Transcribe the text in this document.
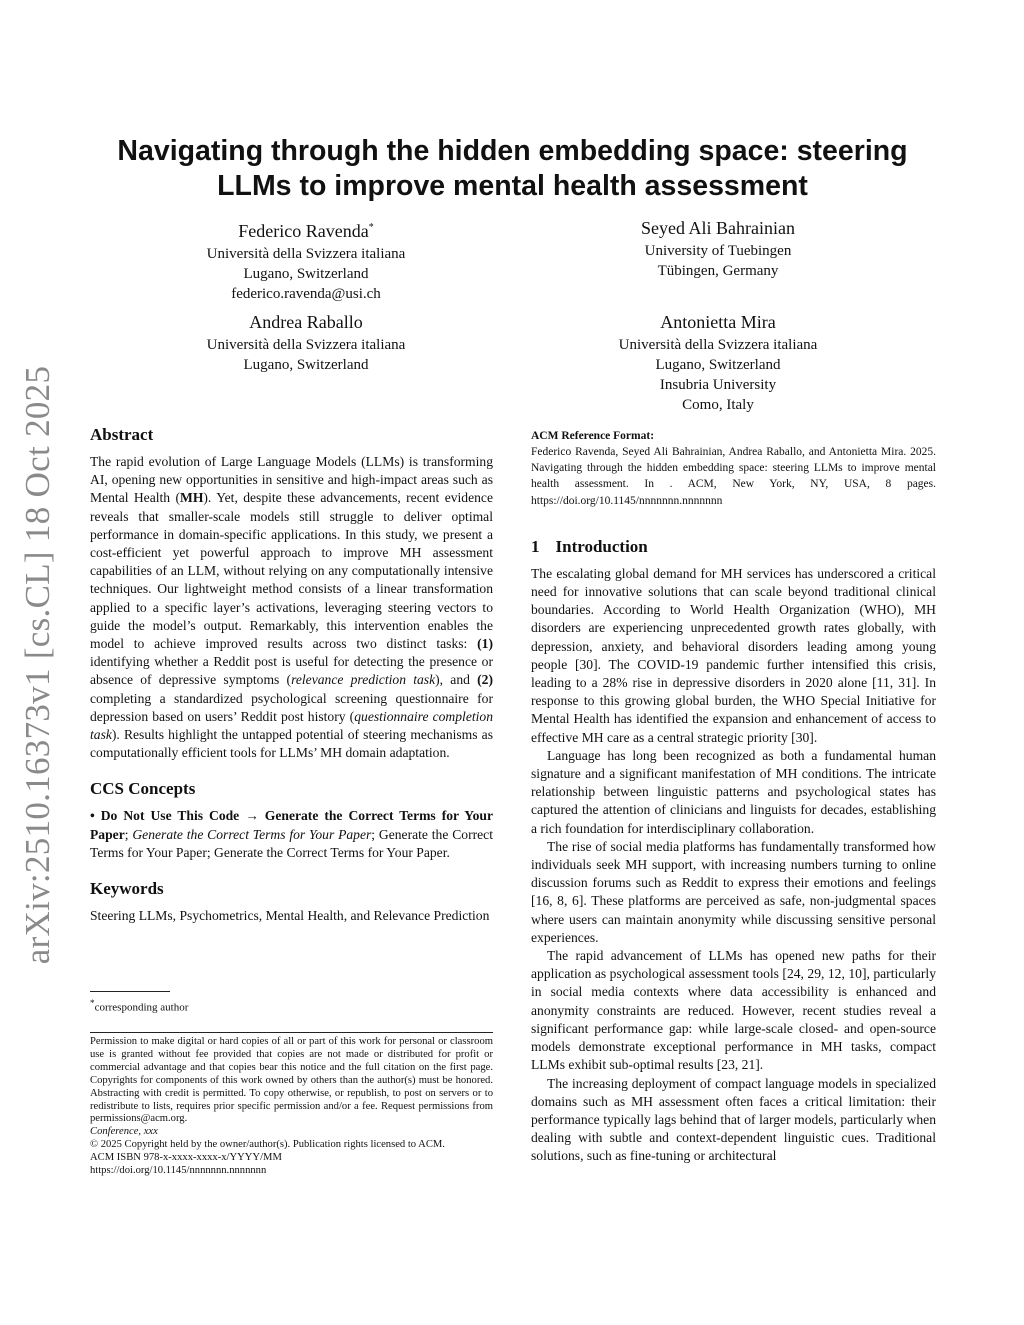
arXiv:2510.16373v1 [cs.CL] 18 Oct 2025
Navigating through the hidden embedding space: steering LLMs to improve mental health assessment
Federico Ravenda*
Università della Svizzera italiana
Lugano, Switzerland
federico.ravenda@usi.ch
Seyed Ali Bahrainian
University of Tuebingen
Tübingen, Germany
Andrea Raballo
Università della Svizzera italiana
Lugano, Switzerland
Antonietta Mira
Università della Svizzera italiana
Lugano, Switzerland
Insubria University
Como, Italy
Abstract

The rapid evolution of Large Language Models (LLMs) is transforming AI, opening new opportunities in sensitive and high-impact areas such as Mental Health (MH). Yet, despite these advancements, recent evidence reveals that smaller-scale models still struggle to deliver optimal performance in domain-specific applications. In this study, we present a cost-efficient yet powerful approach to improve MH assessment capabilities of an LLM, without relying on any computationally intensive techniques. Our lightweight method consists of a linear transformation applied to a specific layer’s activations, leveraging steering vectors to guide the model’s output. Remarkably, this intervention enables the model to achieve improved results across two distinct tasks: (1) identifying whether a Reddit post is useful for detecting the presence or absence of depressive symptoms (relevance prediction task), and (2) completing a standardized psychological screening questionnaire for depression based on users’ Reddit post history (questionnaire completion task). Results highlight the untapped potential of steering mechanisms as computationally efficient tools for LLMs’ MH domain adaptation.

CCS Concepts

• Do Not Use This Code → Generate the Correct Terms for Your Paper; Generate the Correct Terms for Your Paper; Generate the Correct Terms for Your Paper; Generate the Correct Terms for Your Paper.

Keywords

Steering LLMs, Psychometrics, Mental Health, and Relevance Prediction

*corresponding author

Permission to make digital or hard copies of all or part of this work for personal or classroom use is granted without fee provided that copies are not made or distributed for profit or commercial advantage and that copies bear this notice and the full citation on the first page. Copyrights for components of this work owned by others than the author(s) must be honored. Abstracting with credit is permitted. To copy otherwise, or republish, to post on servers or to redistribute to lists, requires prior specific permission and/or a fee. Request permissions from permissions@acm.org.

Conference, xxx
© 2025 Copyright held by the owner/author(s). Publication rights licensed to ACM.
ACM ISBN 978-x-xxxx-xxxx-x/YYYY/MM
https://doi.org/10.1145/nnnnnnn.nnnnnnn
ACM Reference Format:

Federico Ravenda, Seyed Ali Bahrainian, Andrea Raballo, and Antonietta Mira. 2025. Navigating through the hidden embedding space: steering LLMs to improve mental health assessment. In . ACM, New York, NY, USA, 8 pages. https://doi.org/10.1145/nnnnnnn.nnnnnnn

1 Introduction

The escalating global demand for MH services has underscored a critical need for innovative solutions that can scale beyond traditional clinical boundaries. According to World Health Organization (WHO), MH disorders are experiencing unprecedented growth rates globally, with depression, anxiety, and behavioral disorders leading among young people [30]. The COVID-19 pandemic further intensified this crisis, leading to a 28% rise in depressive disorders in 2020 alone [11, 31]. In response to this growing global burden, the WHO Special Initiative for Mental Health has identified the expansion and enhancement of access to effective MH care as a central strategic priority [30].

Language has long been recognized as both a fundamental human signature and a significant manifestation of MH conditions. The intricate relationship between linguistic patterns and psychological states has captured the attention of clinicians and linguists for decades, establishing a rich foundation for interdisciplinary collaboration.

The rise of social media platforms has fundamentally transformed how individuals seek MH support, with increasing numbers turning to online discussion forums such as Reddit to express their emotions and feelings [16, 8, 6]. These platforms are perceived as safe, non-judgmental spaces where users can maintain anonymity while discussing sensitive personal experiences.

The rapid advancement of LLMs has opened new paths for their application as psychological assessment tools [24, 29, 12, 10], particularly in social media contexts where data accessibility is enhanced and anonymity constraints are reduced. However, recent studies reveal a significant performance gap: while large-scale closed- and open-source models demonstrate exceptional performance in MH tasks, compact LLMs exhibit sub-optimal results [23, 21].

The increasing deployment of compact language models in specialized domains such as MH assessment often faces a critical limitation: their performance typically lags behind that of larger models, particularly when dealing with subtle and context-dependent linguistic cues. Traditional solutions, such as fine-tuning or architectural
